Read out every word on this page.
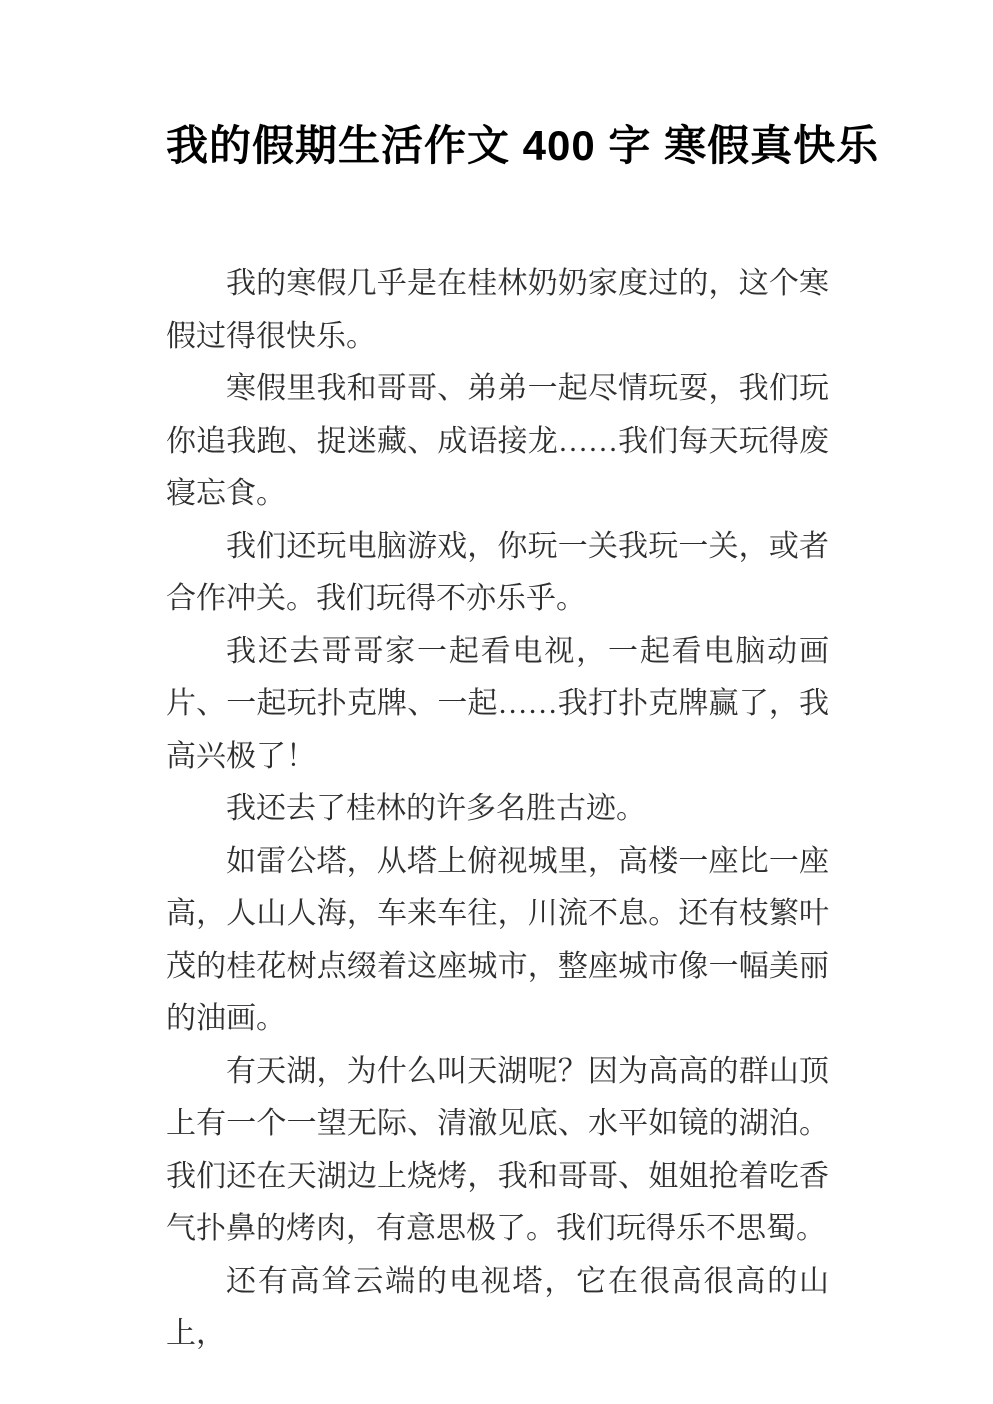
我的假期生活作文 400 字 寒假真快乐

我的寒假几乎是在桂林奶奶家度过的，这个寒假过得很快乐。

寒假里我和哥哥、弟弟一起尽情玩耍，我们玩你追我跑、捉迷藏、成语接龙……我们每天玩得废寝忘食。

我们还玩电脑游戏，你玩一关我玩一关，或者合作冲关。我们玩得不亦乐乎。

我还去哥哥家一起看电视，一起看电脑动画片、一起玩扑克牌、一起……我打扑克牌赢了，我高兴极了！

我还去了桂林的许多名胜古迹。

如雷公塔，从塔上俯视城里，高楼一座比一座高，人山人海，车来车往，川流不息。还有枝繁叶茂的桂花树点缀着这座城市，整座城市像一幅美丽的油画。

有天湖，为什么叫天湖呢？因为高高的群山顶上有一个一望无际、清澈见底、水平如镜的湖泊。我们还在天湖边上烧烤，我和哥哥、姐姐抢着吃香气扑鼻的烤肉，有意思极了。我们玩得乐不思蜀。

还有高耸云端的电视塔，它在很高很高的山上，
